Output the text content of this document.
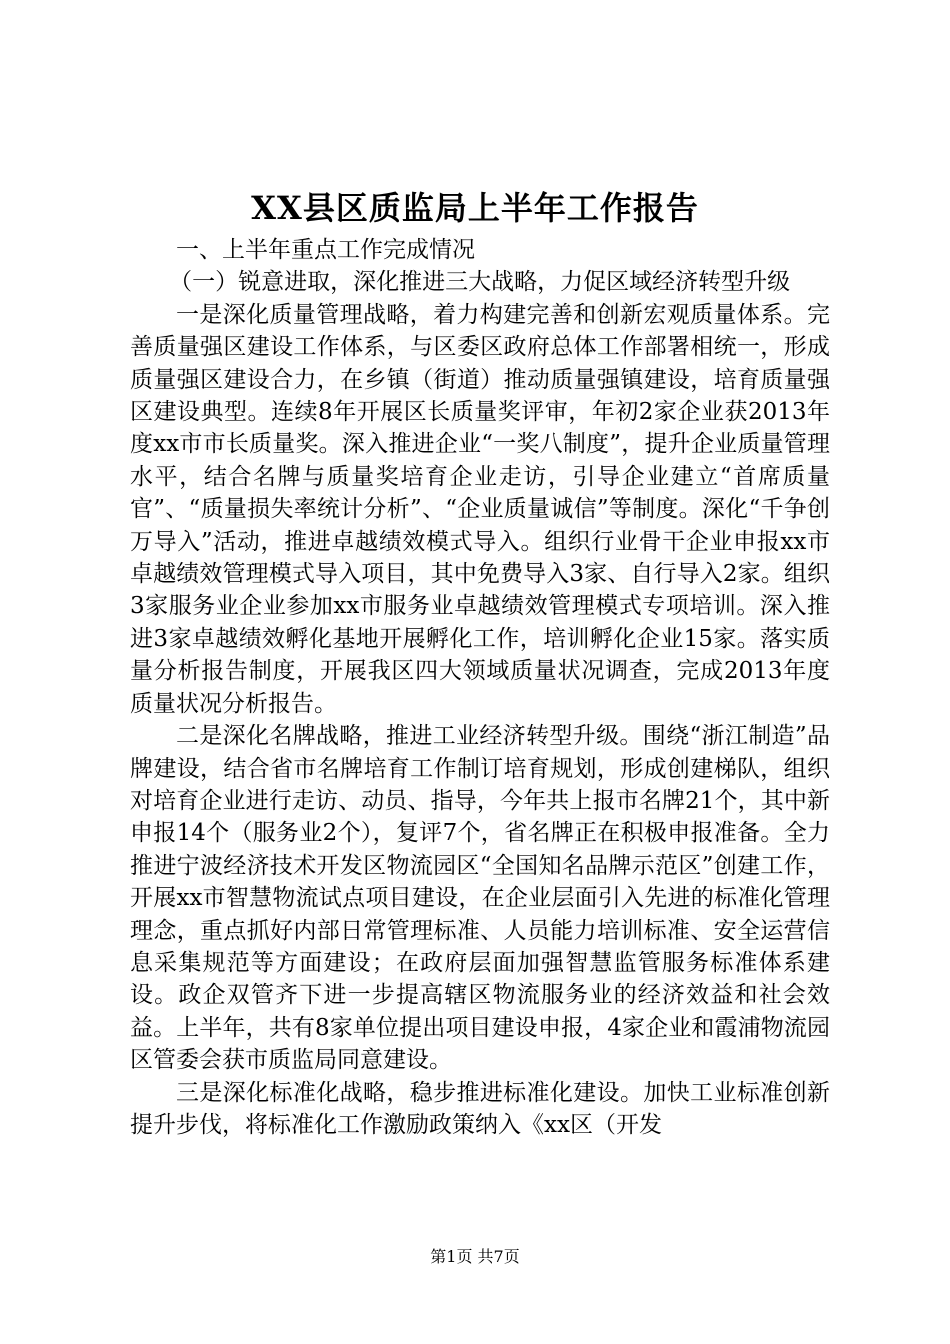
XX县区质监局上半年工作报告

一、上半年重点工作完成情况

（一）锐意进取，深化推进三大战略，力促区域经济转型升级

一是深化质量管理战略，着力构建完善和创新宏观质量体系。完善质量强区建设工作体系，与区委区政府总体工作部署相统一，形成质量强区建设合力，在乡镇（街道）推动质量强镇建设，培育质量强区建设典型。连续8年开展区长质量奖评审，年初2家企业获2013年度xx市市长质量奖。深入推进企业“一奖八制度”，提升企业质量管理水平，结合名牌与质量奖培育企业走访，引导企业建立“首席质量官”、“质量损失率统计分析”、“企业质量诚信”等制度。深化“千争创万导入”活动，推进卓越绩效模式导入。组织行业骨干企业申报xx市卓越绩效管理模式导入项目，其中免费导入3家、自行导入2家。组织3家服务业企业参加xx市服务业卓越绩效管理模式专项培训。深入推进3家卓越绩效孵化基地开展孵化工作，培训孵化企业15家。落实质量分析报告制度，开展我区四大领域质量状况调查，完成2013年度质量状况分析报告。

二是深化名牌战略，推进工业经济转型升级。围绕“浙江制造”品牌建设，结合省市名牌培育工作制订培育规划，形成创建梯队，组织对培育企业进行走访、动员、指导，今年共上报市名牌21个，其中新申报14个（服务业2个），复评7个，省名牌正在积极申报准备。全力推进宁波经济技术开发区物流园区“全国知名品牌示范区”创建工作，开展xx市智慧物流试点项目建设，在企业层面引入先进的标准化管理理念，重点抓好内部日常管理标准、人员能力培训标准、安全运营信息采集规范等方面建设；在政府层面加强智慧监管服务标准体系建设。政企双管齐下进一步提高辖区物流服务业的经济效益和社会效益。上半年，共有8家单位提出项目建设申报，4家企业和霞浦物流园区管委会获市质监局同意建设。

三是深化标准化战略，稳步推进标准化建设。加快工业标准创新提升步伐，将标准化工作激励政策纳入《xx区（开发

第1页 共7页
